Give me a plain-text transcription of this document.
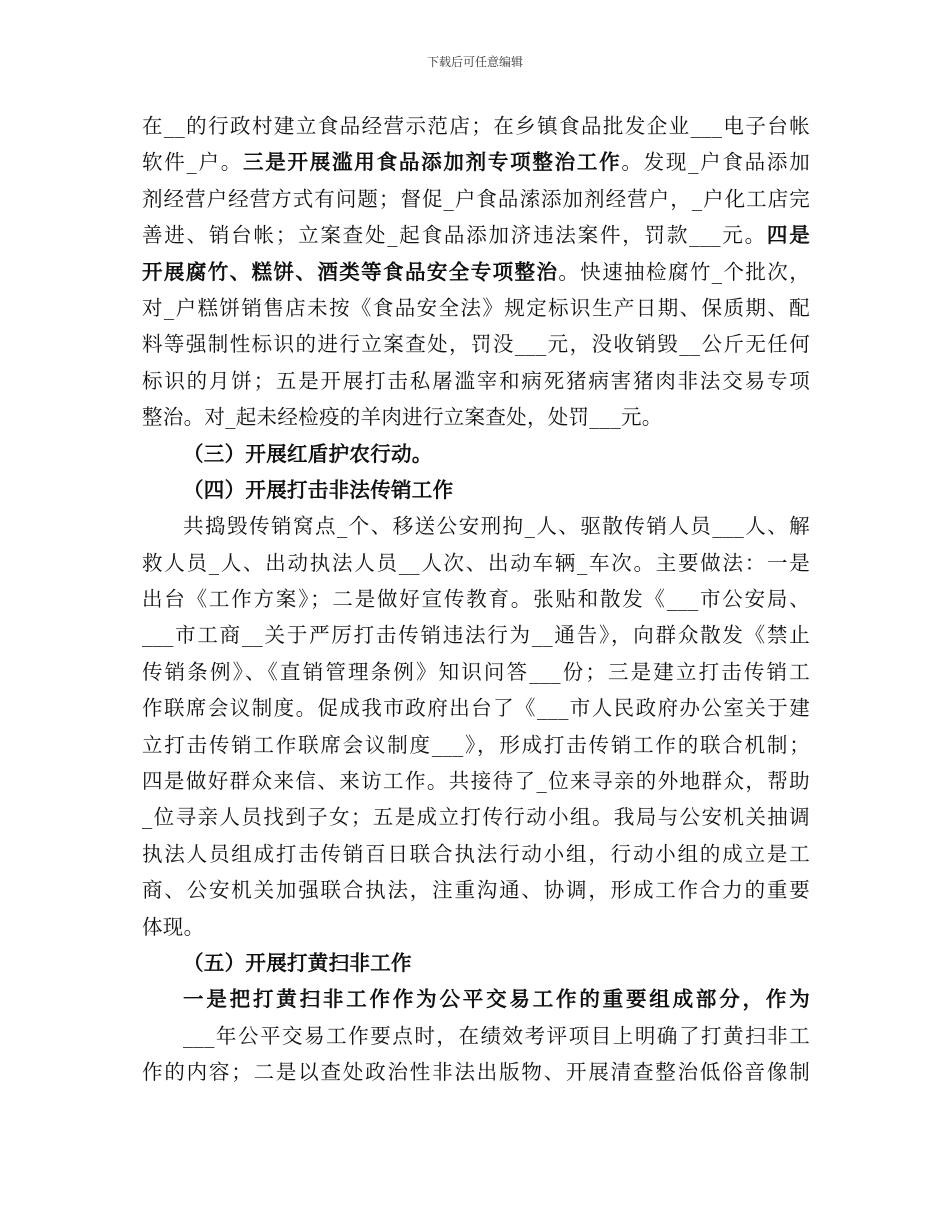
下载后可任意编辑
在__的行政村建立食品经营示范店；在乡镇食品批发企业___电子台帐
软件_户。三是开展滥用食品添加剂专项整治工作。发现_户食品添加
剂经营户经营方式有问题；督促_户食品溹添加剂经营户，_户化工店完
善进、销台帐；立案查处_起食品添加济违法案件，罚款___元。四是
开展腐竹、糕饼、酒类等食品安全专项整治。快速抽检腐竹_个批次，
对_户糕饼销售店未按《食品安全法》规定标识生产日期、保质期、配
料等强制性标识的进行立案查处，罚没___元，没收销毁__公斤无任何
标识的月饼；五是开展打击私屠滥宰和病死猪病害猪肉非法交易专项
整治。对_起未经检疫的羊肉进行立案查处，处罚___元。
（三）开展红盾护农行动。
（四）开展打击非法传销工作
共捣毁传销窝点_个、移送公安刑拘_人、驱散传销人员___人、解
救人员_人、出动执法人员__人次、出动车辆_车次。主要做法：一是
出台《工作方案》；二是做好宣传教育。张贴和散发《___市公安局、
___市工商__关于严厉打击传销违法行为__通告》，向群众散发《禁止
传销条例》、《直销管理条例》知识问答___份；三是建立打击传销工
作联席会议制度。促成我市政府出台了《___市人民政府办公室关于建
立打击传销工作联席会议制度___》，形成打击传销工作的联合机制；
四是做好群众来信、来访工作。共接待了_位来寻亲的外地群众，帮助
_位寻亲人员找到子女；五是成立打传行动小组。我局与公安机关抽调
执法人员组成打击传销百日联合执法行动小组，行动小组的成立是工
商、公安机关加强联合执法，注重沟通、协调，形成工作合力的重要
体现。
（五）开展打黄扫非工作
一是把打黄扫非工作作为公平交易工作的重要组成部分，作为
___年公平交易工作要点时，在绩效考评项目上明确了打黄扫非工
作的内容；二是以查处政治性非法出版物、开展清查整治低俗音像制
